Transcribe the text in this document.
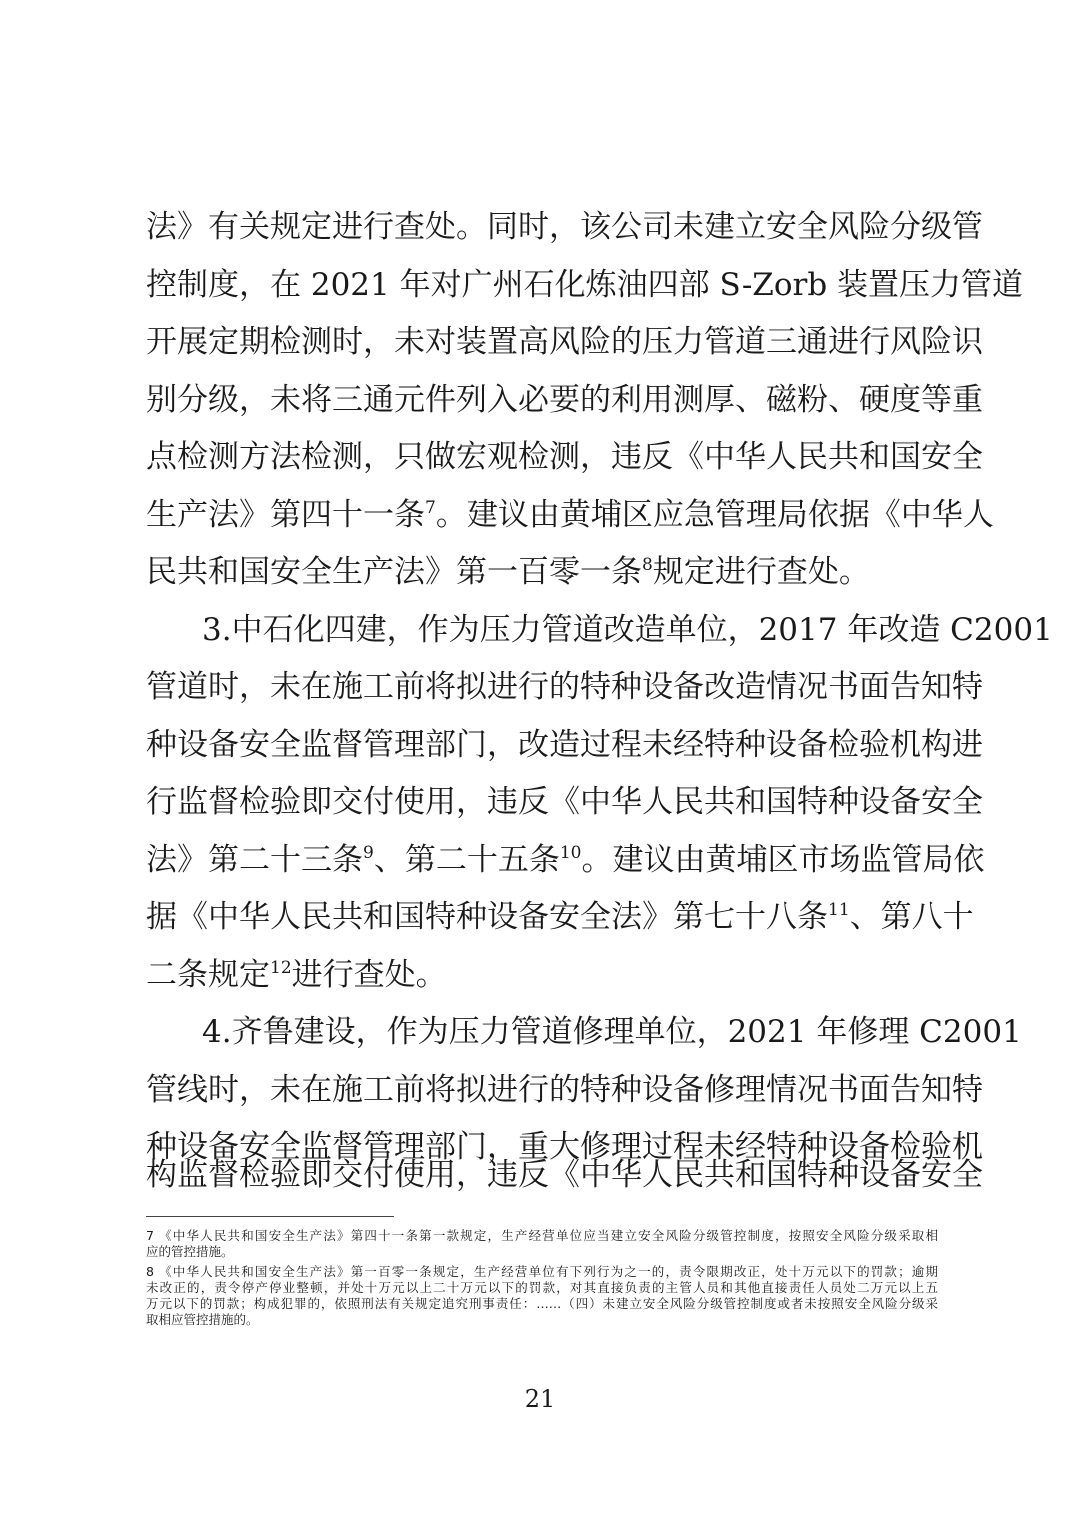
法》有关规定进行查处。同时，该公司未建立安全风险分级管
控制度，在 2021 年对广州石化炼油四部 S-Zorb 装置压力管道
开展定期检测时，未对装置高风险的压力管道三通进行风险识
别分级，未将三通元件列入必要的利用测厚、磁粉、硬度等重
点检测方法检测，只做宏观检测，违反《中华人民共和国安全
生产法》第四十一条$^7$。建议由黄埔区应急管理局依据《中华人
民共和国安全生产法》第一百零一条$^8$规定进行查处。
3.中石化四建，作为压力管道改造单位，2017 年改造 C2001
管道时，未在施工前将拟进行的特种设备改造情况书面告知特
种设备安全监督管理部门，改造过程未经特种设备检验机构进
行监督检验即交付使用，违反《中华人民共和国特种设备安全
法》第二十三条$^9$、第二十五条$^{10}$。建议由黄埔区市场监管局依
据《中华人民共和国特种设备安全法》第七十八条$^{11}$、第八十
二条规定$^{12}$进行查处。
4.齐鲁建设，作为压力管道修理单位，2021 年修理 C2001
管线时，未在施工前将拟进行的特种设备修理情况书面告知特
种设备安全监督管理部门，重大修理过程未经特种设备检验机
构监督检验即交付使用，违反《中华人民共和国特种设备安全
7 《中华人民共和国安全生产法》第四十一条第一款规定，生产经营单位应当建立安全风险分级管控制度，按照安全风险分级采取相
应的管控措施。
8 《中华人民共和国安全生产法》第一百零一条规定，生产经营单位有下列行为之一的，责令限期改正，处十万元以下的罚款；逾期
未改正的，责令停产停业整顿，并处十万元以上二十万元以下的罚款，对其直接负责的主管人员和其他直接责任人员处二万元以上五
万元以下的罚款；构成犯罪的，依照刑法有关规定追究刑事责任：……（四）未建立安全风险分级管控制度或者未按照安全风险分级采
取相应管控措施的。
21
